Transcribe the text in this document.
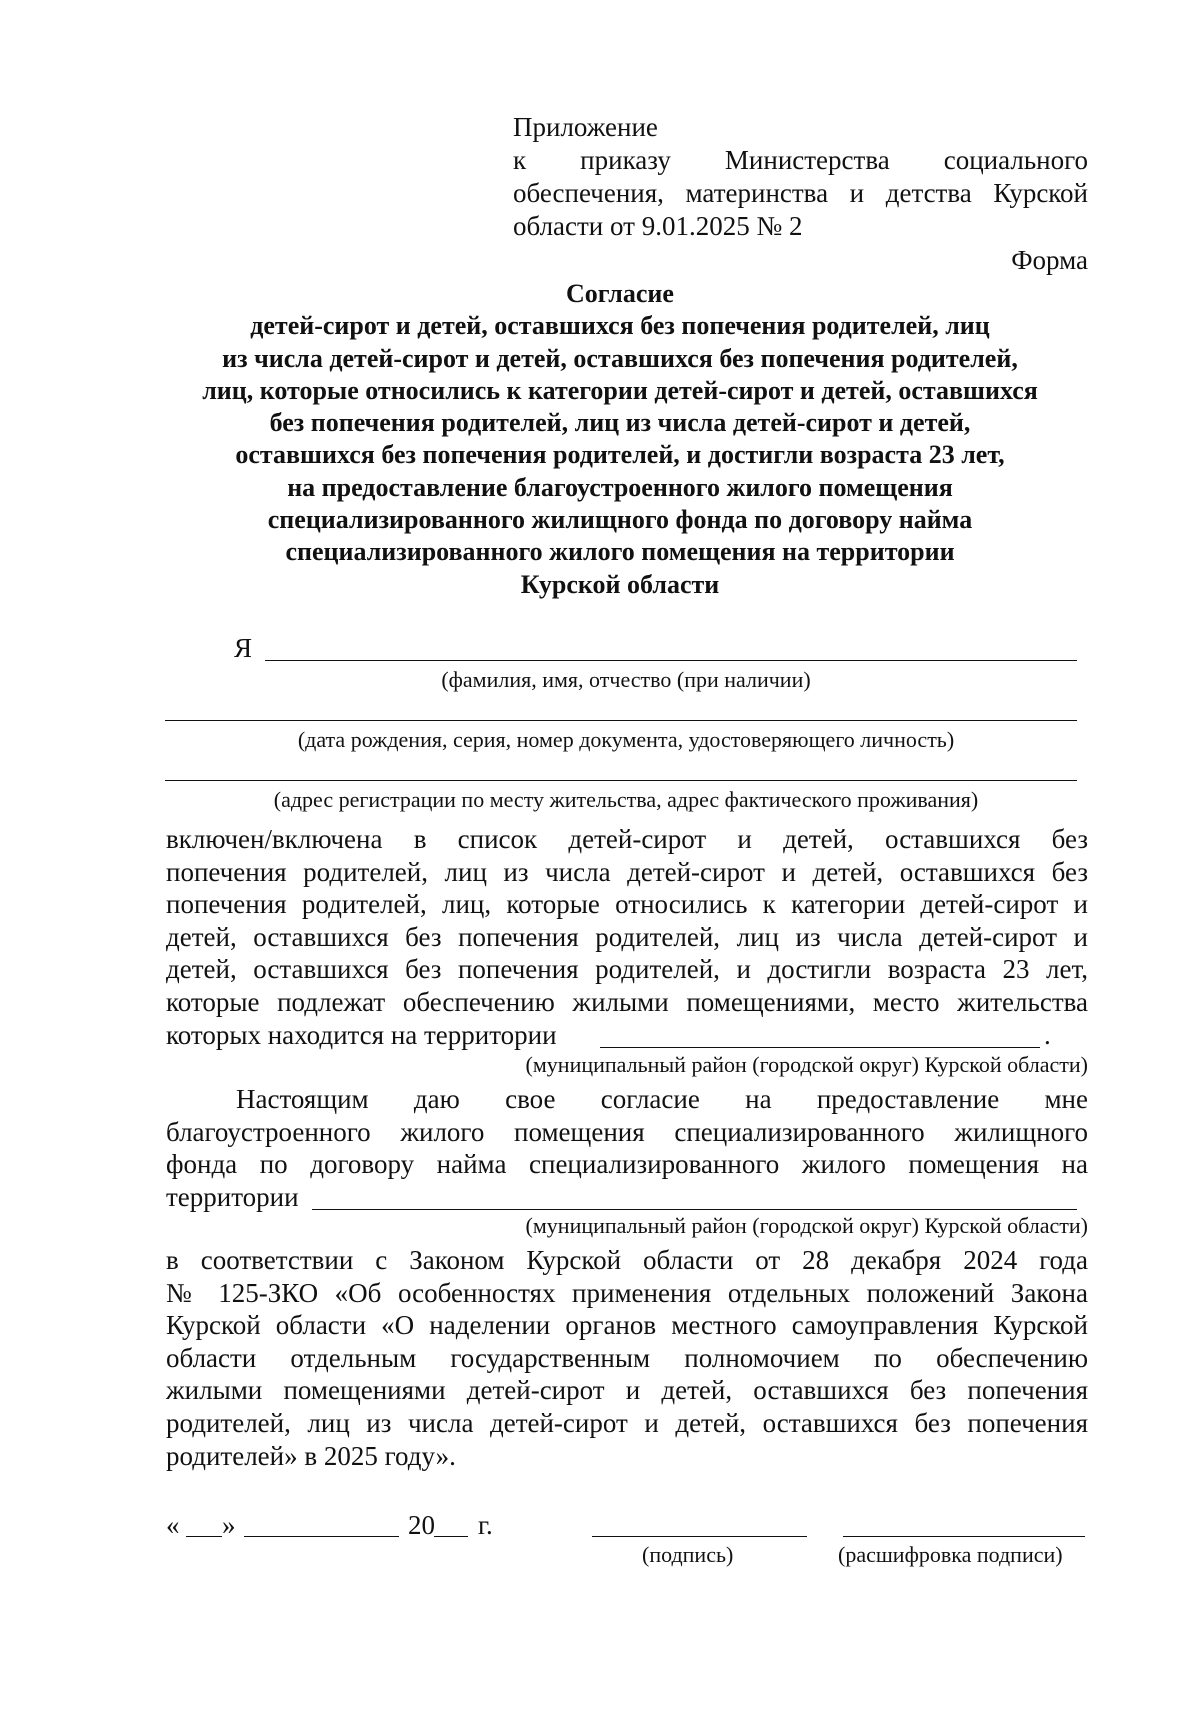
Приложение
к приказу Министерства социального
обеспечения, материнства и детства Курской
области от 9.01.2025 № 2
Форма
Согласие
детей-сирот и детей, оставшихся без попечения родителей, лиц
из числа детей-сирот и детей, оставшихся без попечения родителей,
лиц, которые относились к категории детей-сирот и детей, оставшихся
без попечения родителей, лиц из числа детей-сирот и детей,
оставшихся без попечения родителей, и достигли возраста 23 лет,
на предоставление благоустроенного жилого помещения
специализированного жилищного фонда по договору найма
специализированного жилого помещения на территории
Курской области
Я
(фамилия, имя, отчество (при наличии)
(дата рождения, серия, номер документа, удостоверяющего личность)
(адрес регистрации по месту жительства, адрес фактического проживания)
включен/включена в список детей-сирот и детей, оставшихся без
попечения родителей, лиц из числа детей-сирот и детей, оставшихся без
попечения родителей, лиц, которые относились к категории детей-сирот и
детей, оставшихся без попечения родителей, лиц из числа детей-сирот и
детей, оставшихся без попечения родителей, и достигли возраста 23 лет,
которые подлежат обеспечению жилыми помещениями, место жительства
которых находится на территории	.
(муниципальный район (городской округ) Курской области)
Настоящим даю свое согласие на предоставление мне
благоустроенного жилого помещения специализированного жилищного
фонда по договору найма специализированного жилого помещения на
территории
(муниципальный район (городской округ) Курской области)
в соответствии с Законом Курской области от 28 декабря 2024 года
№ 125-ЗКО «Об особенностях применения отдельных положений Закона
Курской области «О наделении органов местного самоуправления Курской
области отдельным государственным полномочием по обеспечению
жилыми помещениями детей-сирот и детей, оставшихся без попечения
родителей, лиц из числа детей-сирот и детей, оставшихся без попечения
родителей» в 2025 году».
« »	20 г.
(подпись)	(расшифровка подписи)
